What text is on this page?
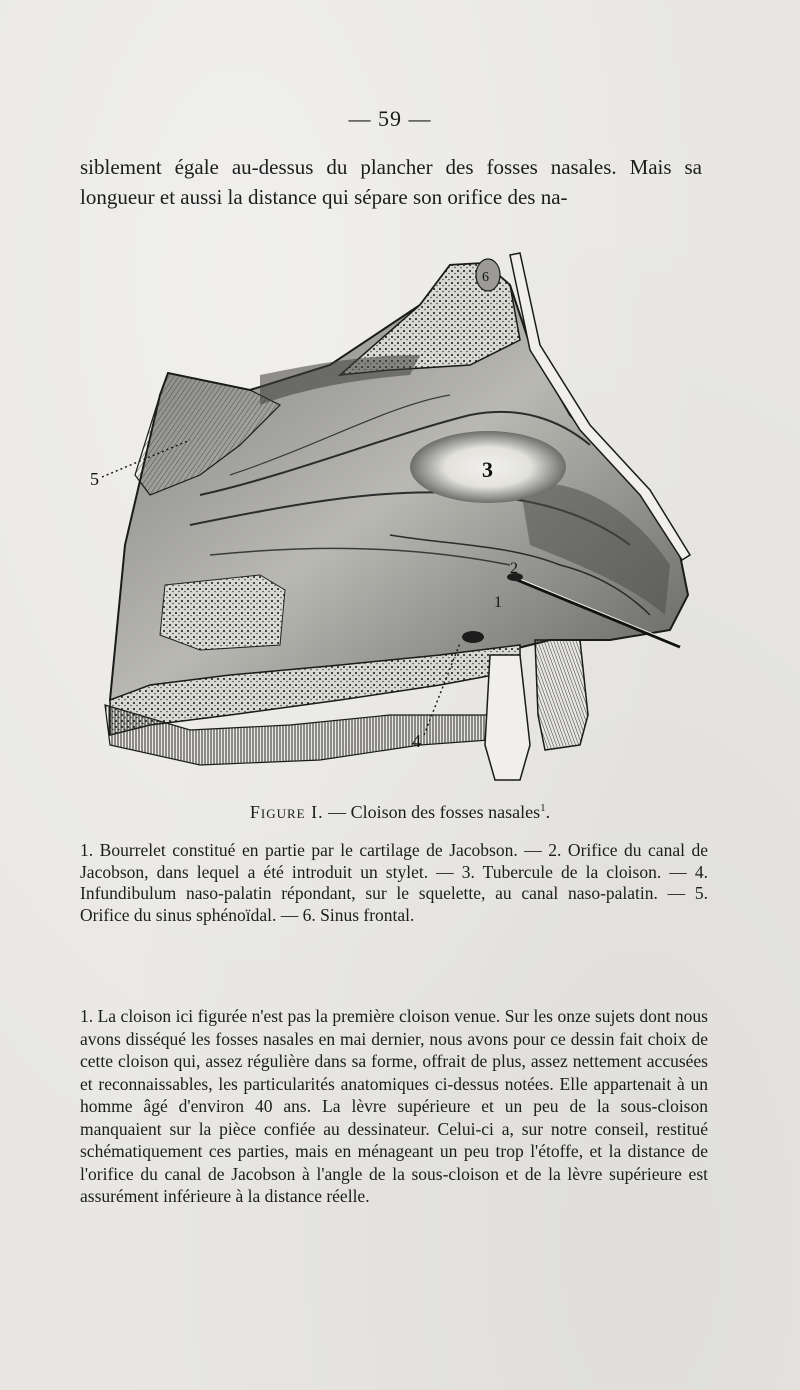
— 59 —

siblement égale au-dessus du plancher des fosses nasales. Mais sa longueur et aussi la distance qui sépare son orifice des na-

3
2
1
4
5
6
Figure I. — Cloison des fosses nasales$^1$.

1. Bourrelet constitué en partie par le cartilage de Jacobson. — 2. Orifice du canal de Jacobson, dans lequel a été introduit un stylet. — 3. Tubercule de la cloison. — 4. Infundibulum naso-palatin répondant, sur le squelette, au canal naso-palatin. — 5. Orifice du sinus sphénoïdal. — 6. Sinus frontal.

1. La cloison ici figurée n'est pas la première cloison venue. Sur les onze sujets dont nous avons disséqué les fosses nasales en mai dernier, nous avons pour ce dessin fait choix de cette cloison qui, assez régulière dans sa forme, offrait de plus, assez nettement accusées et reconnaissables, les particularités anatomiques ci-dessus notées. Elle appartenait à un homme âgé d'environ 40 ans. La lèvre supérieure et un peu de la sous-cloison manquaient sur la pièce confiée au dessinateur. Celui-ci a, sur notre conseil, restitué schématiquement ces parties, mais en ménageant un peu trop l'étoffe, et la distance de l'orifice du canal de Jacobson à l'angle de la sous-cloison et de la lèvre supérieure est assurément inférieure à la distance réelle.
